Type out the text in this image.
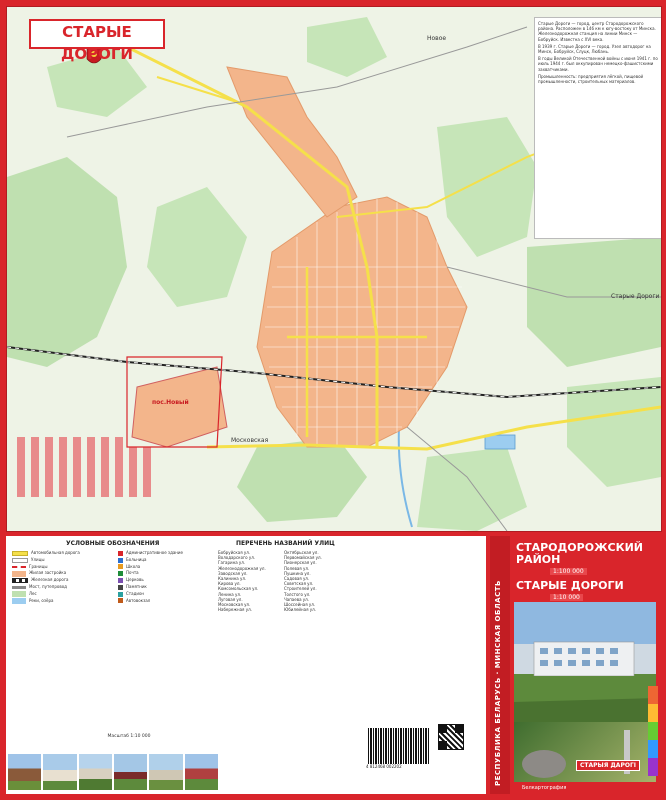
СТАРЫЕ ДОРОГИ
Новое
Старые Дороги
пос.Новый
Московская

Старые Дороги — город, центр Стародорожского района. Расположен в 146 км к югу-востоку от Минска. Железнодорожная станция на линии Минск — Бобруйск. Известна с XVI века.

В 1939 г. Старые Дороги — город. Узел автодорог на Минск, Бобруйск, Слуцк, Любань.

В годы Великой Отечественной войны с июня 1941 г. по июль 1944 г. был оккупирован немецко-фашистскими захватчиками.

Промышленность: предприятия лёгкой, пищевой промышленности, строительных материалов.

УСЛОВНЫЕ ОБОЗНАЧЕНИЯ
Автомобильная дорога
Улицы
Границы
Жилая застройка
Железная дорога
Мост, путепровод
Лес
Реки, озёра
Административное здание
Больница
Школа
Почта
Церковь
Памятник
Стадион
Автовокзал
Масштаб 1:10 000
ПЕРЕЧЕНЬ НАЗВАНИЙ УЛИЦ
Бобруйская ул.
Володарского ул.
Гагарина ул.
Железнодорожная ул.
Заводская ул.
Калинина ул.
Кирова ул.
Комсомольская ул.
Ленина ул.
Луговая ул.
Московская ул.
Набережная ул.
Октябрьская ул.
Первомайская ул.
Пионерская ул.
Полевая ул.
Пушкина ул.
Садовая ул.
Советская ул.
Строителей ул.
Толстого ул.
Чапаева ул.
Шоссейная ул.
Юбилейная ул.
4 812468 002202	РЕСПУБЛИКА БЕЛАРУСЬ · МИНСКАЯ ОБЛАСТЬ
СТАРОДОРОЖСКИЙ
РАЙОН
1:100 000
СТАРЫЕ ДОРОГИ
1:10 000
СТАРЫЯ ДАРОГІ
Белкартография
